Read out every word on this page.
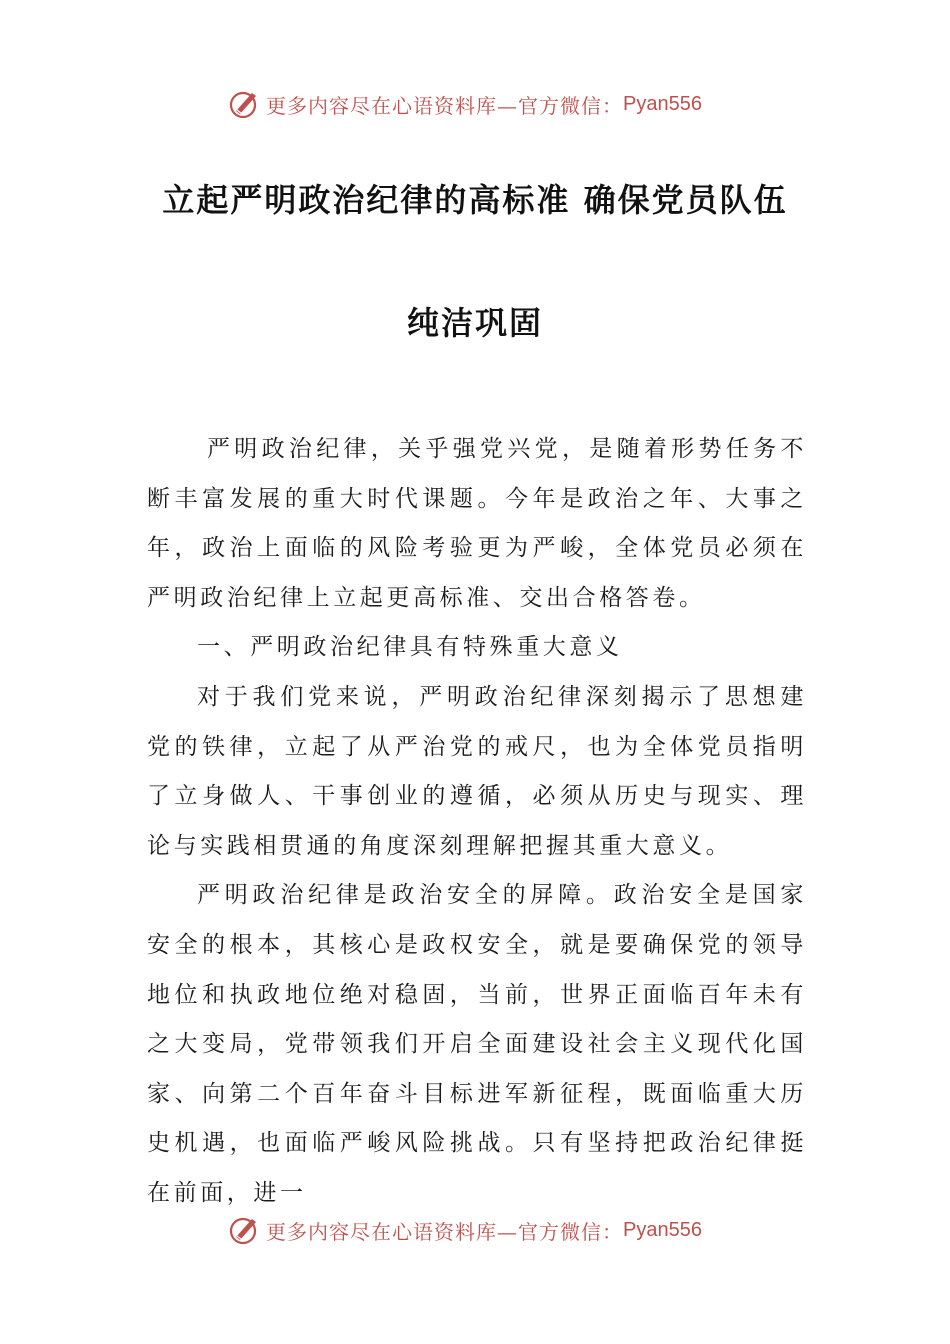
更多内容尽在心语资料库—官方微信： Pyan556
立起严明政治纪律的高标准 确保党员队伍
纯洁巩固

严明政治纪律，关乎强党兴党，是随着形势任务不断丰富发展的重大时代课题。今年是政治之年、大事之年，政治上面临的风险考验更为严峻，全体党员必须在严明政治纪律上立起更高标准、交出合格答卷。

一、严明政治纪律具有特殊重大意义

对于我们党来说，严明政治纪律深刻揭示了思想建党的铁律，立起了从严治党的戒尺，也为全体党员指明了立身做人、干事创业的遵循，必须从历史与现实、理论与实践相贯通的角度深刻理解把握其重大意义。

严明政治纪律是政治安全的屏障。政治安全是国家安全的根本，其核心是政权安全，就是要确保党的领导地位和执政地位绝对稳固，当前，世界正面临百年未有之大变局，党带领我们开启全面建设社会主义现代化国家、向第二个百年奋斗目标进军新征程，既面临重大历史机遇，也面临严峻风险挑战。只有坚持把政治纪律挺在前面，进一

更多内容尽在心语资料库—官方微信： Pyan556
